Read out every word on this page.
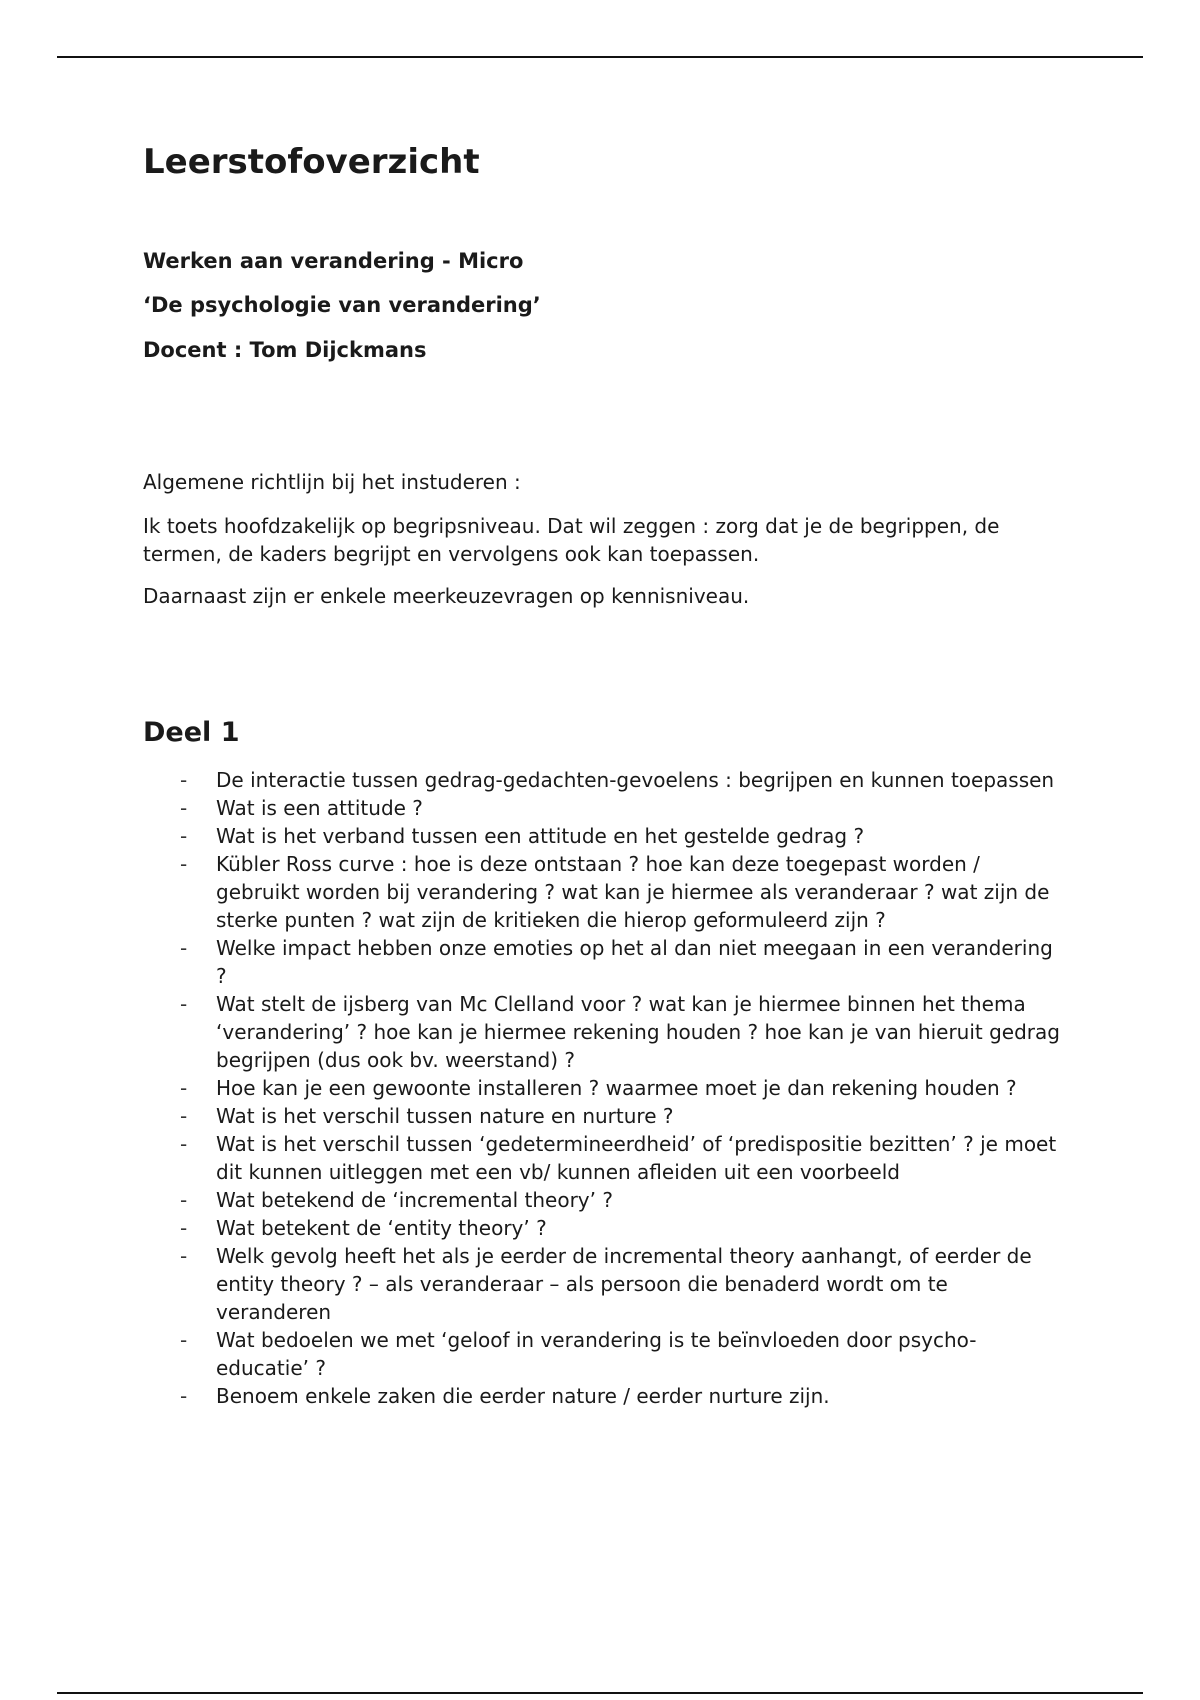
Leerstofoverzicht

Werken aan verandering - Micro

‘De psychologie van verandering’

Docent : Tom Dijckmans

Algemene richtlijn bij het instuderen :

Ik toets hoofdzakelijk op begripsniveau. Dat wil zeggen : zorg dat je de begrippen, de termen, de kaders begrijpt en vervolgens ook kan toepassen.

Daarnaast zijn er enkele meerkeuzevragen op kennisniveau.

Deel 1
- De interactie tussen gedrag-gedachten-gevoelens : begrijpen en kunnen toepassen
- Wat is een attitude ?
- Wat is het verband tussen een attitude en het gestelde gedrag ?
- Kübler Ross curve : hoe is deze ontstaan ? hoe kan deze toegepast worden / gebruikt worden bij verandering ? wat kan je hiermee als veranderaar ? wat zijn de sterke punten ? wat zijn de kritieken die hierop geformuleerd zijn ?
- Welke impact hebben onze emoties op het al dan niet meegaan in een verandering ?
- Wat stelt de ijsberg van Mc Clelland voor ? wat kan je hiermee binnen het thema ‘verandering’ ? hoe kan je hiermee rekening houden ? hoe kan je van hieruit gedrag begrijpen (dus ook bv. weerstand) ?
- Hoe kan je een gewoonte installeren ? waarmee moet je dan rekening houden ?
- Wat is het verschil tussen nature en nurture ?
- Wat is het verschil tussen ‘gedetermineerdheid’ of ‘predispositie bezitten’ ? je moet dit kunnen uitleggen met een vb/ kunnen afleiden uit een voorbeeld
- Wat betekend de ‘incremental theory’ ?
- Wat betekent de ‘entity theory’ ?
- Welk gevolg heeft het als je eerder de incremental theory aanhangt, of eerder de entity theory ? – als veranderaar – als persoon die benaderd wordt om te veranderen
- Wat bedoelen we met ‘geloof in verandering is te beïnvloeden door psycho-educatie’ ?
- Benoem enkele zaken die eerder nature / eerder nurture zijn.
